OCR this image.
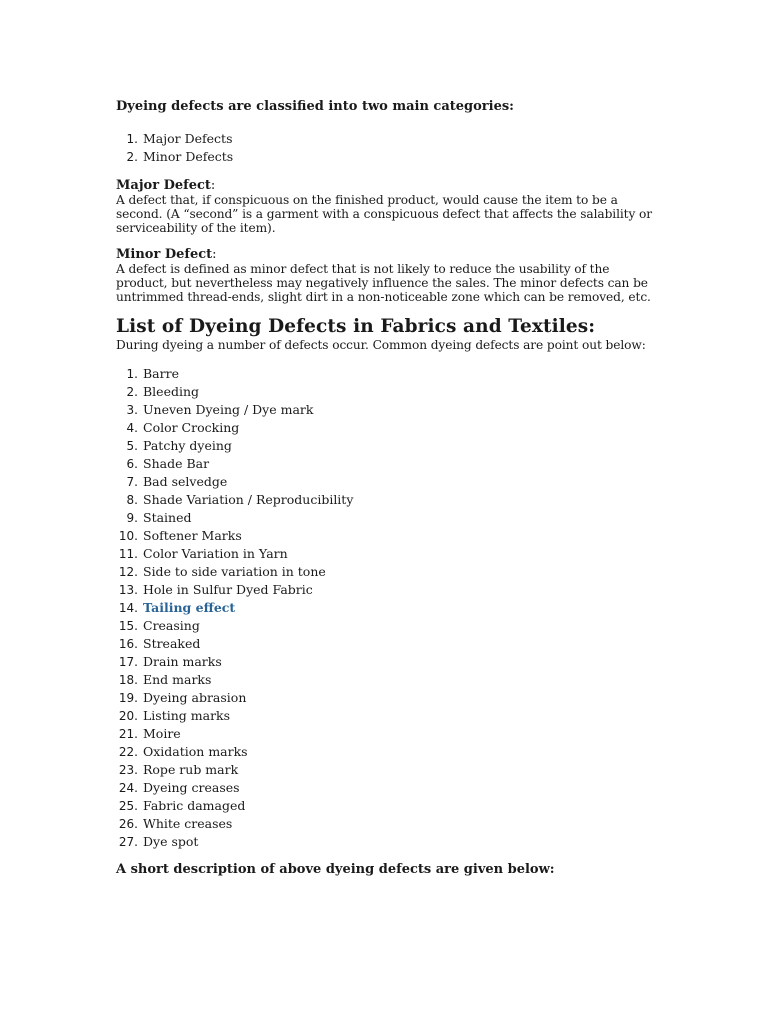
Dyeing defects are classified into two main categories:

1. Major Defects
2. Minor Defects

Major Defect:

A defect that, if conspicuous on the finished product, would cause the item to be a second. (A “second” is a garment with a conspicuous defect that affects the salability or serviceability of the item).

Minor Defect:

A defect is defined as minor defect that is not likely to reduce the usability of the product, but nevertheless may negatively influence the sales. The minor defects can be untrimmed thread-ends, slight dirt in a non-noticeable zone which can be removed, etc.

List of Dyeing Defects in Fabrics and Textiles:

During dyeing a number of defects occur. Common dyeing defects are point out below:

1. Barre
2. Bleeding
3. Uneven Dyeing / Dye mark
4. Color Crocking
5. Patchy dyeing
6. Shade Bar
7. Bad selvedge
8. Shade Variation / Reproducibility
9. Stained
10. Softener Marks
11. Color Variation in Yarn
12. Side to side variation in tone
13. Hole in Sulfur Dyed Fabric
14. Tailing effect
15. Creasing
16. Streaked
17. Drain marks
18. End marks
19. Dyeing abrasion
20. Listing marks
21. Moire
22. Oxidation marks
23. Rope rub mark
24. Dyeing creases
25. Fabric damaged
26. White creases
27. Dye spot

A short description of above dyeing defects are given below:
